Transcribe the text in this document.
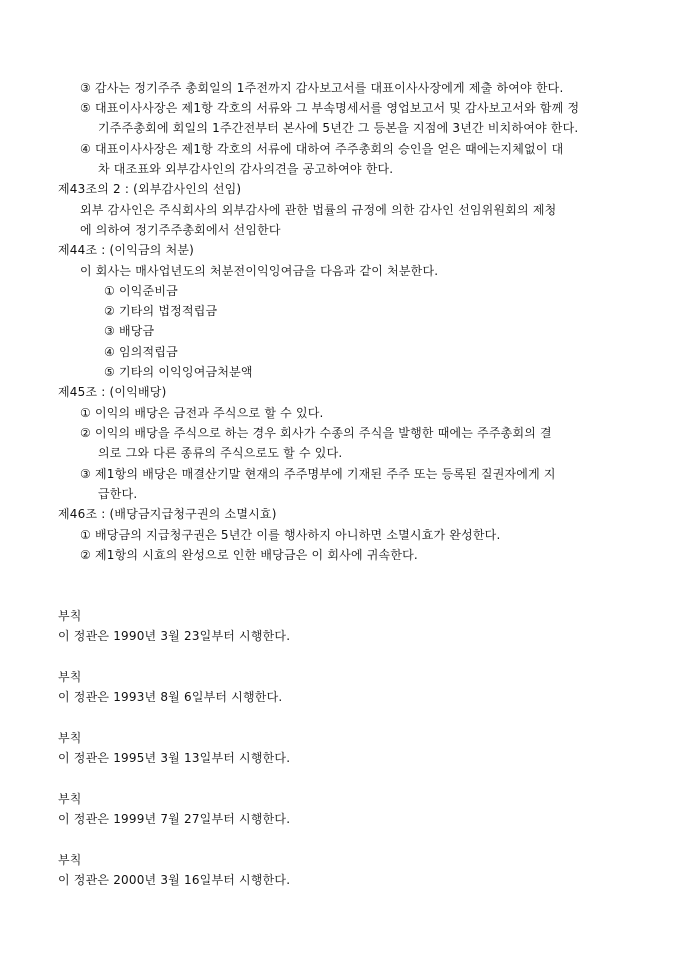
③ 감사는 정기주주 총회일의 1주전까지 감사보고서를 대표이사사장에게 제출 하여야 한다.
⑤ 대표이사사장은 제1항 각호의 서류와 그 부속명세서를 영업보고서 및 감사보고서와 함께 정
기주주총회에 회일의 1주간전부터 본사에 5년간 그 등본을 지점에 3년간 비치하여야 한다.
④ 대표이사사장은 제1항 각호의 서류에 대하여 주주총회의 승인을 얻은 때에는지체없이 대
차 대조표와 외부감사인의 감사의견을 공고하여야 한다.
제43조의 2 : (외부감사인의 선임)
외부 감사인은 주식회사의 외부감사에 관한 법률의 규정에 의한 감사인 선임위원회의 제청
에 의하여 정기주주총회에서 선임한다
제44조 : (이익금의 처분)
이 회사는 매사업년도의 처분전이익잉여금을 다음과 같이 처분한다.
① 이익준비금
② 기타의 법정적립금
③ 배당금
④ 임의적립금
⑤ 기타의 이익잉여금처분액
제45조 : (이익배당)
① 이익의 배당은 금전과 주식으로 할 수 있다.
② 이익의 배당을 주식으로 하는 경우 회사가 수종의 주식을 발행한 때에는 주주총회의 결
의로 그와 다른 종류의 주식으로도 할 수 있다.
③ 제1항의 배당은 매결산기말 현재의 주주명부에 기재된 주주 또는 등록된 질권자에게 지
급한다.
제46조 : (배당금지급청구권의 소멸시효)
① 배당금의 지급청구권은 5년간 이를 행사하지 아니하면 소멸시효가 완성한다.
② 제1항의 시효의 완성으로 인한 배당금은 이 회사에 귀속한다.
부칙
이 정관은 1990년 3월 23일부터 시행한다.
부칙
이 정관은 1993년 8월 6일부터 시행한다.
부칙
이 정관은 1995년 3월 13일부터 시행한다.
부칙
이 정관은 1999년 7월 27일부터 시행한다.
부칙
이 정관은 2000년 3월 16일부터 시행한다.
